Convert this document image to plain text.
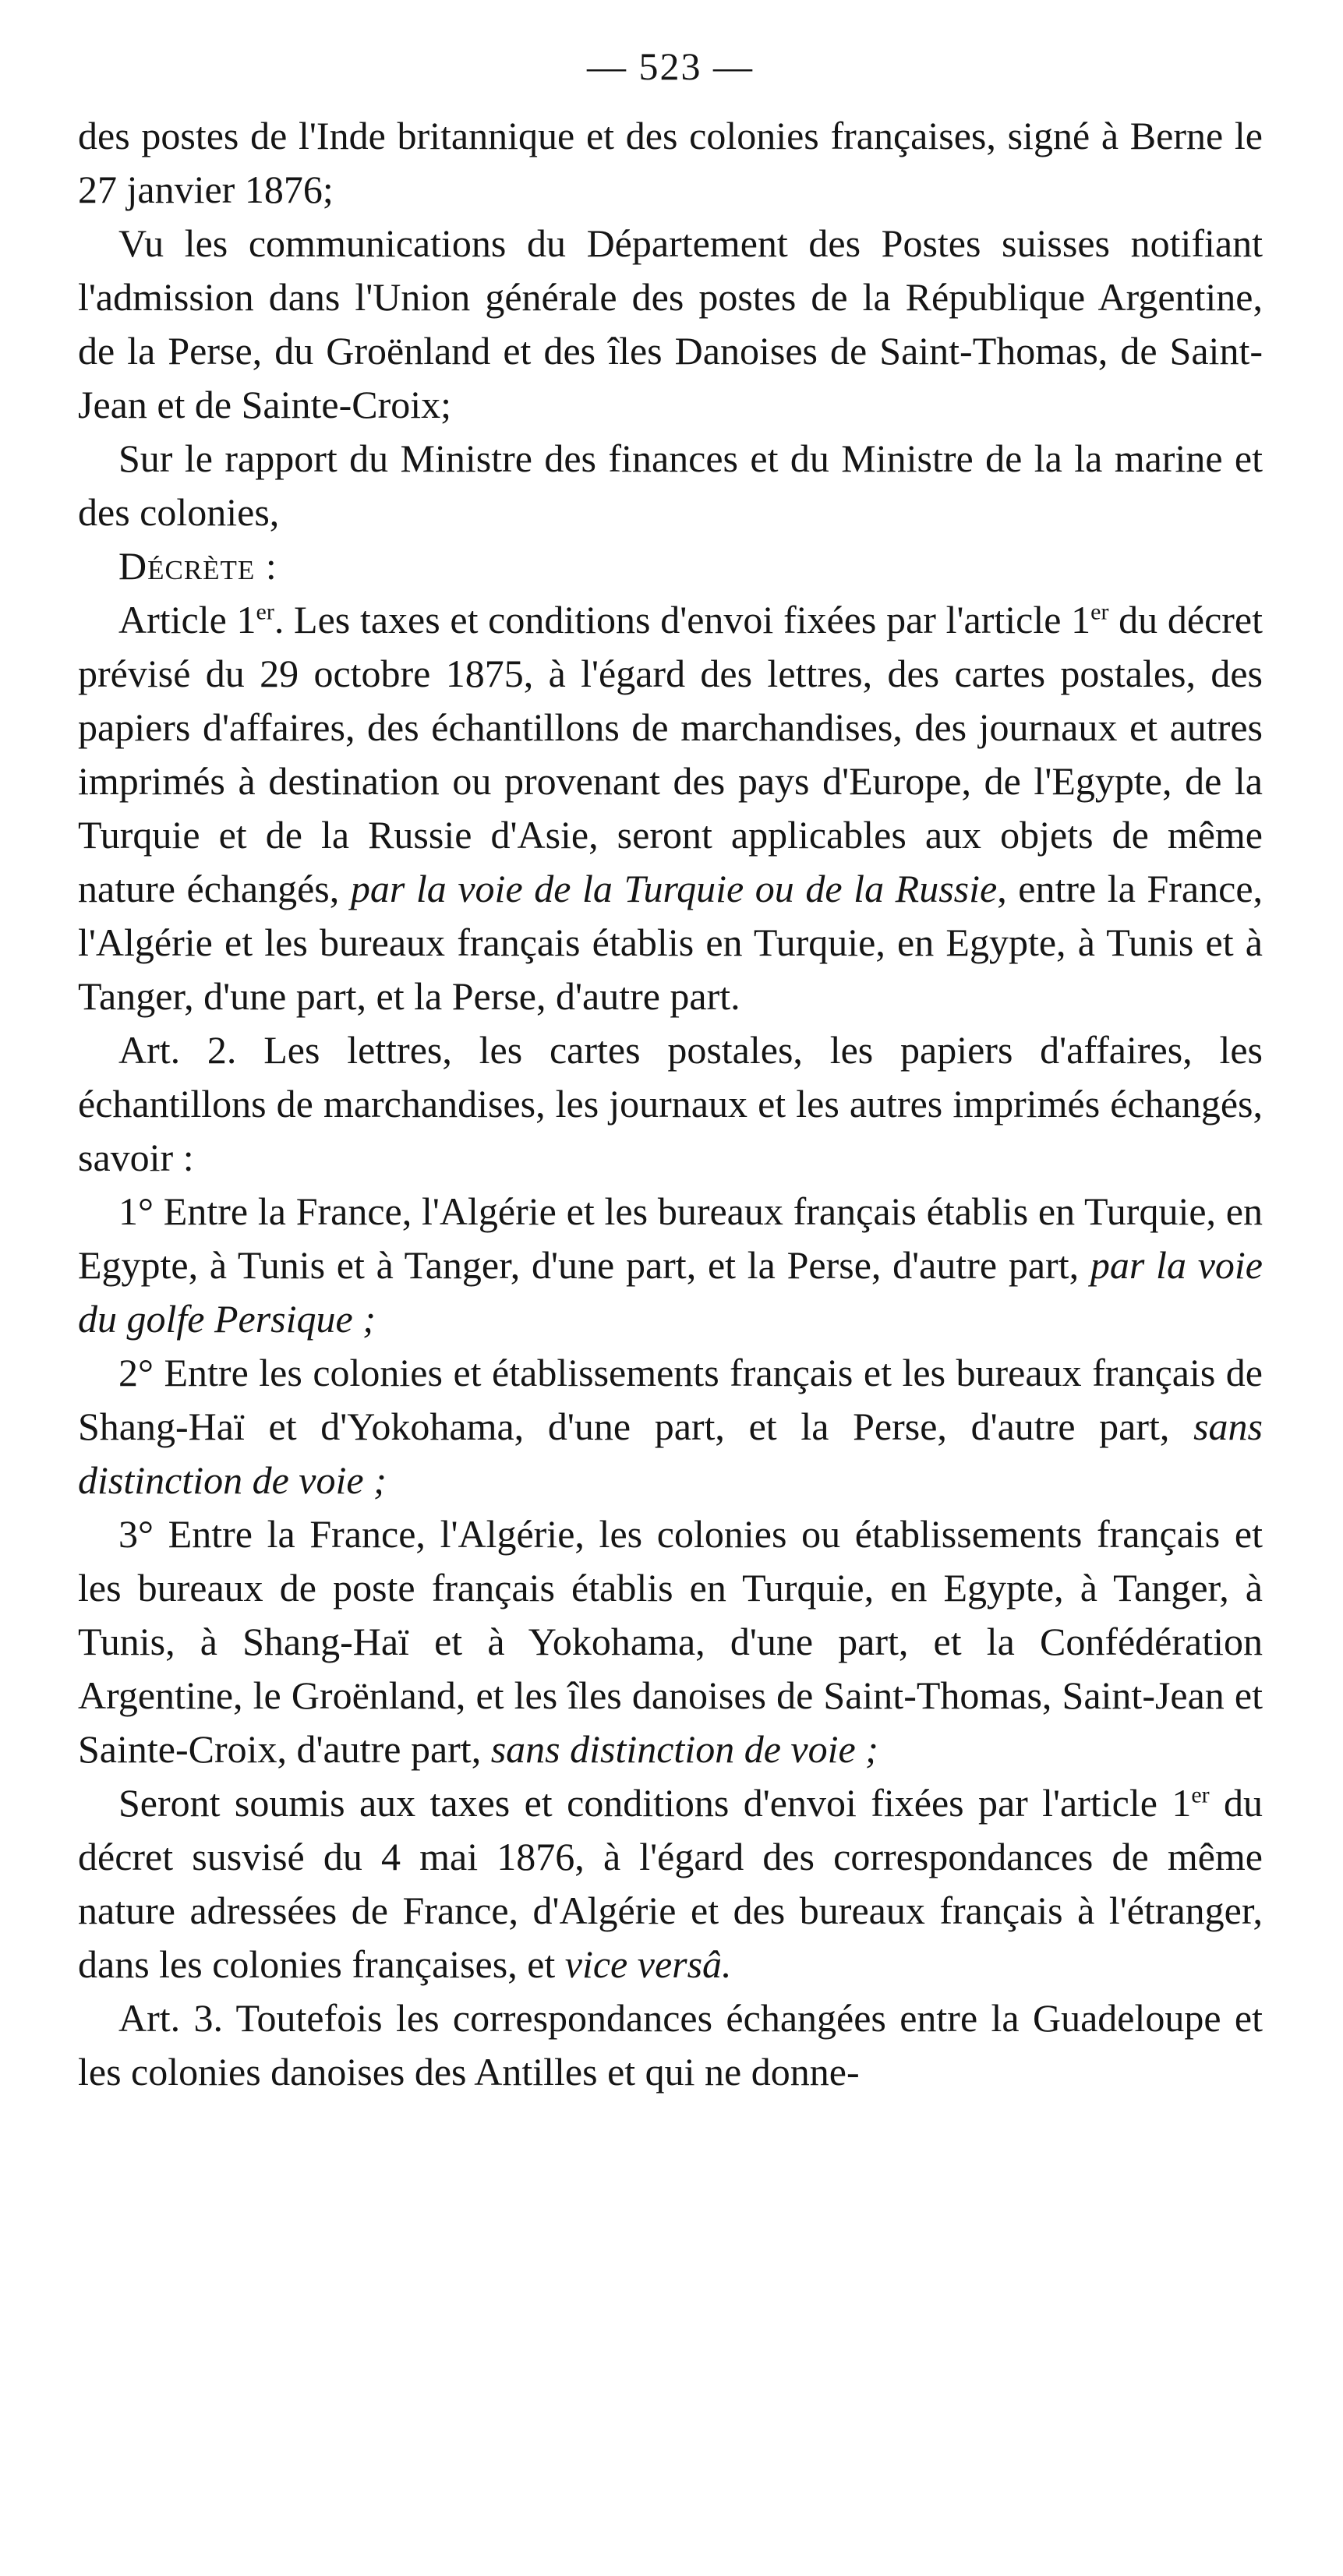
— 523 —

des postes de l'Inde britannique et des colonies françaises, signé à Berne le 27 janvier 1876;

Vu les communications du Département des Postes suisses notifiant l'admission dans l'Union générale des postes de la République Argentine, de la Perse, du Groënland et des îles Danoises de Saint-Thomas, de Saint-Jean et de Sainte-Croix;

Sur le rapport du Ministre des finances et du Ministre de la la marine et des colonies,

Décrète :

Article 1er. Les taxes et conditions d'envoi fixées par l'article 1er du décret prévisé du 29 octobre 1875, à l'égard des lettres, des cartes postales, des papiers d'affaires, des échantillons de marchandises, des journaux et autres imprimés à destination ou provenant des pays d'Europe, de l'Egypte, de la Turquie et de la Russie d'Asie, seront applicables aux objets de même nature échangés, par la voie de la Turquie ou de la Russie, entre la France, l'Algérie et les bureaux français établis en Turquie, en Egypte, à Tunis et à Tanger, d'une part, et la Perse, d'autre part.

Art. 2. Les lettres, les cartes postales, les papiers d'affaires, les échantillons de marchandises, les journaux et les autres imprimés échangés, savoir :

1° Entre la France, l'Algérie et les bureaux français établis en Turquie, en Egypte, à Tunis et à Tanger, d'une part, et la Perse, d'autre part, par la voie du golfe Persique ;

2° Entre les colonies et établissements français et les bureaux français de Shang-Haï et d'Yokohama, d'une part, et la Perse, d'autre part, sans distinction de voie ;

3° Entre la France, l'Algérie, les colonies ou établissements français et les bureaux de poste français établis en Turquie, en Egypte, à Tanger, à Tunis, à Shang-Haï et à Yokohama, d'une part, et la Confédération Argentine, le Groënland, et les îles danoises de Saint-Thomas, Saint-Jean et Sainte-Croix, d'autre part, sans distinction de voie ;

Seront soumis aux taxes et conditions d'envoi fixées par l'article 1er du décret susvisé du 4 mai 1876, à l'égard des correspondances de même nature adressées de France, d'Algérie et des bureaux français à l'étranger, dans les colonies françaises, et vice versâ.

Art. 3. Toutefois les correspondances échangées entre la Guadeloupe et les colonies danoises des Antilles et qui ne donne-
